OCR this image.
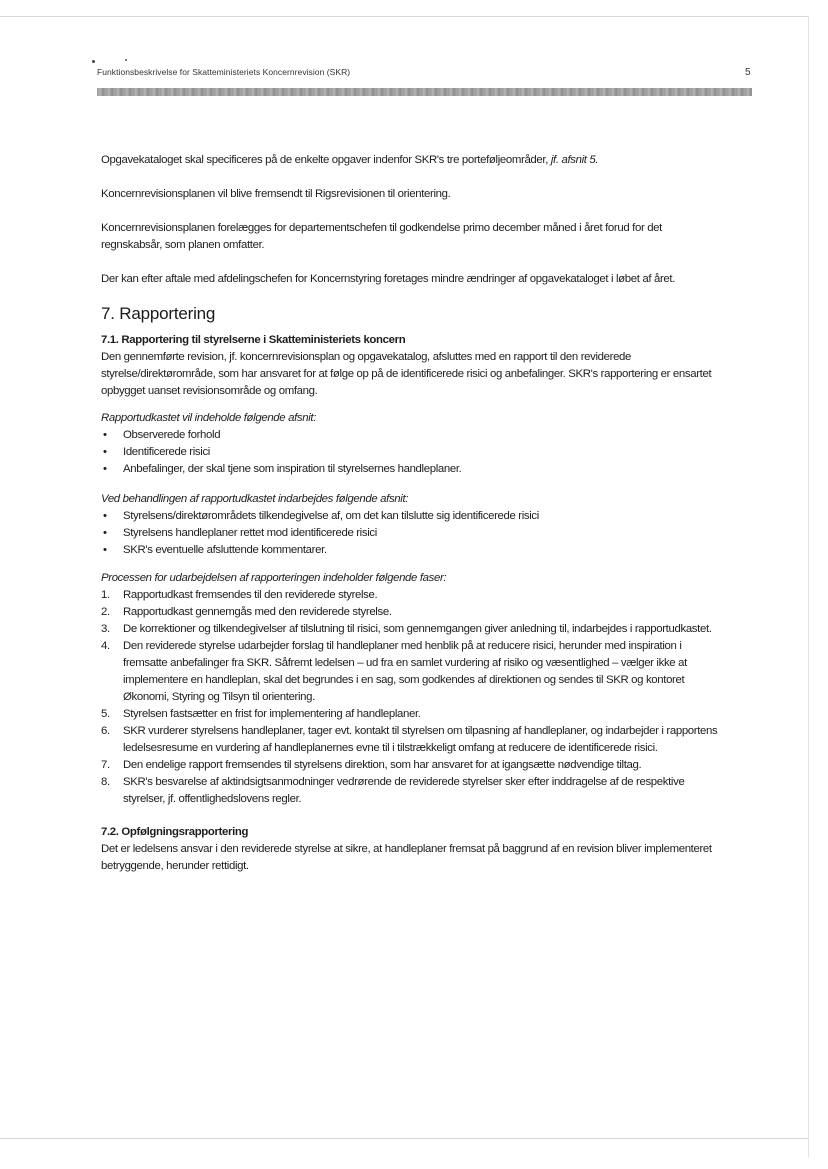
Funktionsbeskrivelse for Skatteministeriets Koncernrevision (SKR)	5

Opgavekataloget skal specificeres på de enkelte opgaver indenfor SKR's tre porteføljeområder, jf. afsnit 5.

Koncernrevisionsplanen vil blive fremsendt til Rigsrevisionen til orientering.

Koncernrevisionsplanen forelægges for departementschefen til godkendelse primo december måned i året forud for det regnskabsår, som planen omfatter.

Der kan efter aftale med afdelingschefen for Koncernstyring foretages mindre ændringer af opgavekataloget i løbet af året.

7. Rapportering

7.1. Rapportering til styrelserne i Skatteministeriets koncern

Den gennemførte revision, jf. koncernrevisionsplan og opgavekatalog, afsluttes med en rapport til den reviderede styrelse/direktørområde, som har ansvaret for at følge op på de identificerede risici og anbefalinger. SKR's rapportering er ensartet opbygget uanset revisionsområde og omfang.

Rapportudkastet vil indeholde følgende afsnit:

• Observerede forhold
• Identificerede risici
• Anbefalinger, der skal tjene som inspiration til styrelsernes handleplaner.

Ved behandlingen af rapportudkastet indarbejdes følgende afsnit:

• Styrelsens/direktørområdets tilkendegivelse af, om det kan tilslutte sig identificerede risici
• Styrelsens handleplaner rettet mod identificerede risici
• SKR's eventuelle afsluttende kommentarer.

Processen for udarbejdelsen af rapporteringen indeholder følgende faser:

1. Rapportudkast fremsendes til den reviderede styrelse.
2. Rapportudkast gennemgås med den reviderede styrelse.
3. De korrektioner og tilkendegivelser af tilslutning til risici, som gennemgangen giver anledning til, indarbejdes i rapportudkastet.
4. Den reviderede styrelse udarbejder forslag til handleplaner med henblik på at reducere risici, herunder med inspiration i fremsatte anbefalinger fra SKR. Såfremt ledelsen – ud fra en samlet vurdering af risiko og væsentlighed – vælger ikke at implementere en handleplan, skal det begrundes i en sag, som godkendes af direktionen og sendes til SKR og kontoret Økonomi, Styring og Tilsyn til orientering.
5. Styrelsen fastsætter en frist for implementering af handleplaner.
6. SKR vurderer styrelsens handleplaner, tager evt. kontakt til styrelsen om tilpasning af handleplaner, og indarbejder i rapportens ledelsesresume en vurdering af handleplanernes evne til i tilstrækkeligt omfang at reducere de identificerede risici.
7. Den endelige rapport fremsendes til styrelsens direktion, som har ansvaret for at igangsætte nødvendige tiltag.
8. SKR's besvarelse af aktindsigtsanmodninger vedrørende de reviderede styrelser sker efter inddragelse af de respektive styrelser, jf. offentlighedslovens regler.

7.2. Opfølgningsrapportering

Det er ledelsens ansvar i den reviderede styrelse at sikre, at handleplaner fremsat på baggrund af en revision bliver implementeret betryggende, herunder rettidigt.
